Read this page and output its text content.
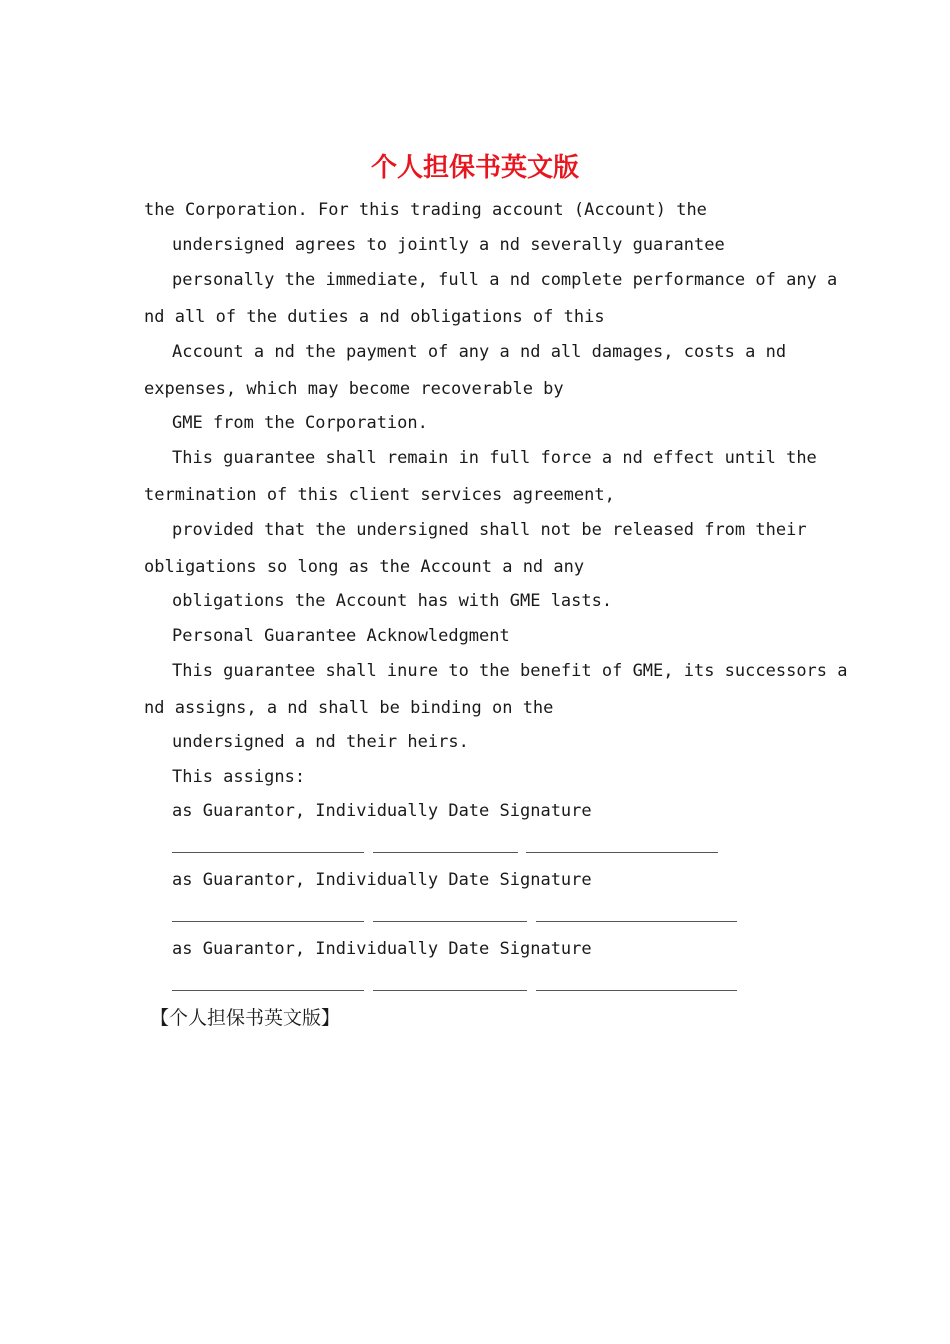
个人担保书英文版
the Corporation. For this trading account (Account) the
undersigned agrees to jointly a nd severally guarantee
personally the immediate, full a nd complete performance of any a
nd all of the duties a nd obligations of this
Account a nd the payment of any a nd all damages, costs a nd
expenses, which may become recoverable by
GME from the Corporation.
This guarantee shall remain in full force a nd effect until the
termination of this client services agreement,
provided that the undersigned shall not be released from their
obligations so long as the Account a nd any
obligations the Account has with GME lasts.
Personal Guarantee Acknowledgment
This guarantee shall inure to the benefit of GME, its successors a
nd assigns, a nd shall be binding on the
undersigned a nd their heirs.
This assigns:
as Guarantor, Individually Date Signature
as Guarantor, Individually Date Signature
as Guarantor, Individually Date Signature
【个人担保书英文版】
